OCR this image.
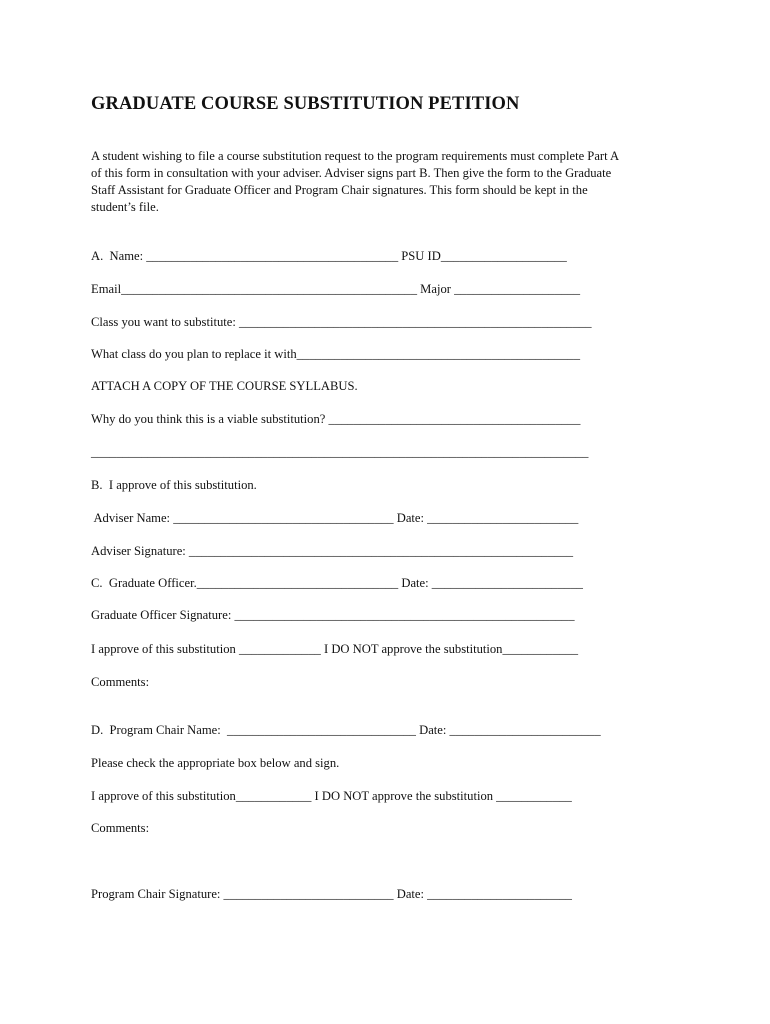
GRADUATE COURSE SUBSTITUTION PETITION
A student wishing to file a course substitution request to the program requirements must complete Part A
of this form in consultation with your adviser. Adviser signs part B. Then give the form to the Graduate
Staff Assistant for Graduate Officer and Program Chair signatures. This form should be kept in the
student’s file.
A.  Name: ________________________________________ PSU ID____________________
Email_______________________________________________ Major ____________________
Class you want to substitute: ________________________________________________________
What class do you plan to replace it with_____________________________________________
ATTACH A COPY OF THE COURSE SYLLABUS.
Why do you think this is a viable substitution? ________________________________________
_______________________________________________________________________________
B.  I approve of this substitution.
Adviser Name: ___________________________________ Date: ________________________
Adviser Signature: _____________________________________________________________
C.  Graduate Officer.________________________________ Date: ________________________
Graduate Officer Signature: ______________________________________________________
I approve of this substitution _____________ I DO NOT approve the substitution____________
Comments:
D.  Program Chair Name:  ______________________________ Date: ________________________
Please check the appropriate box below and sign.
I approve of this substitution____________ I DO NOT approve the substitution ____________
Comments:
Program Chair Signature: ___________________________ Date: _______________________
